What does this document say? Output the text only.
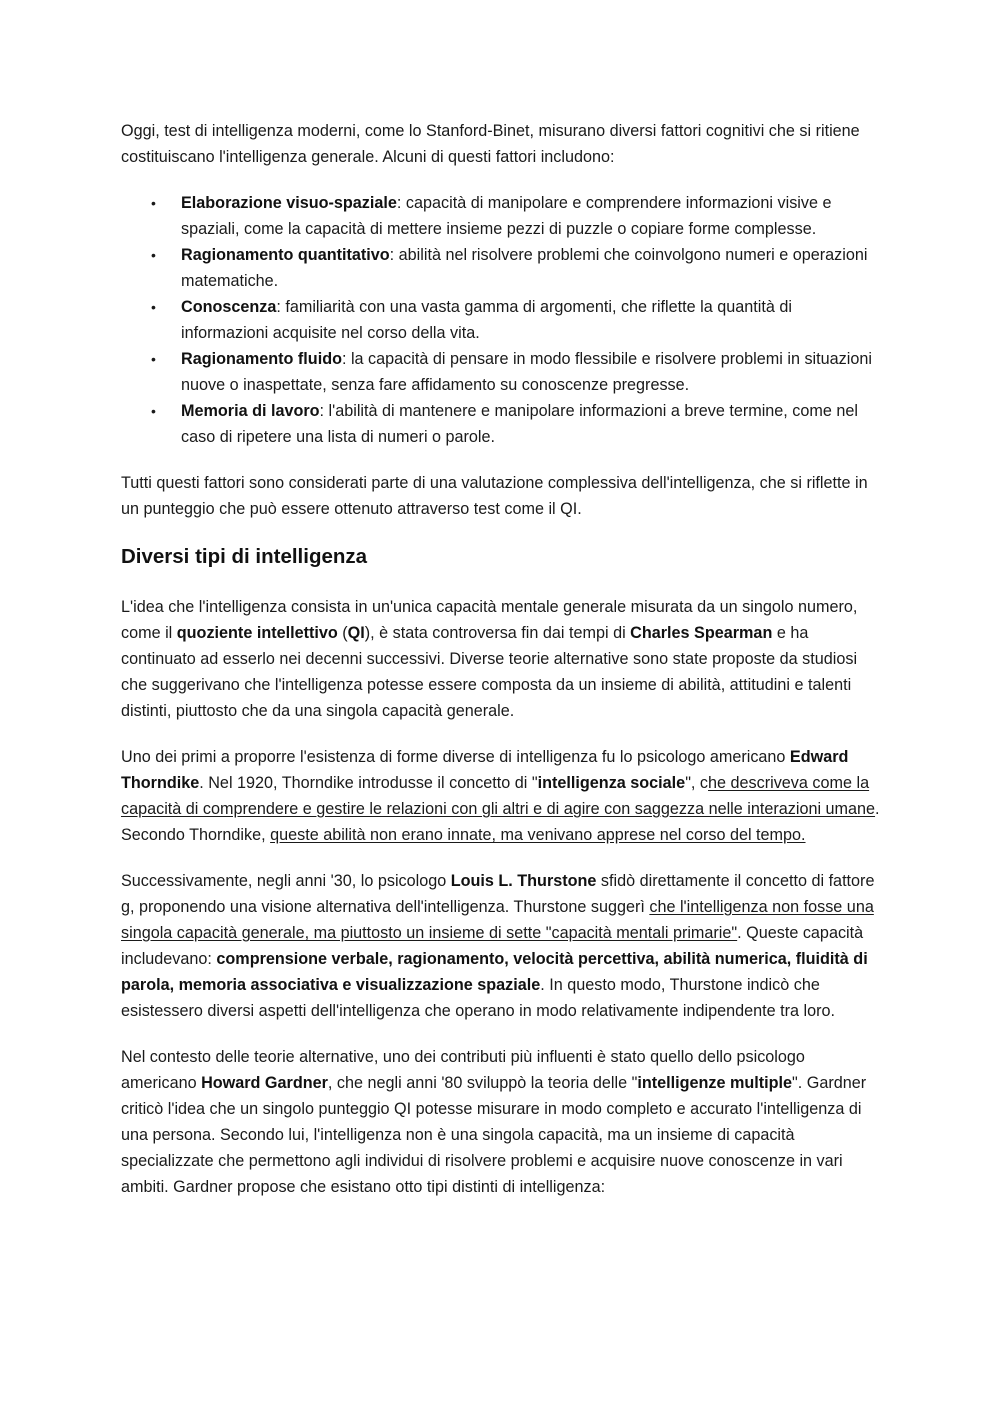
Oggi, test di intelligenza moderni, come lo Stanford-Binet, misurano diversi fattori cognitivi che si ritiene costituiscano l'intelligenza generale. Alcuni di questi fattori includono:

• Elaborazione visuo-spaziale: capacità di manipolare e comprendere informazioni visive e spaziali, come la capacità di mettere insieme pezzi di puzzle o copiare forme complesse.
• Ragionamento quantitativo: abilità nel risolvere problemi che coinvolgono numeri e operazioni matematiche.
• Conoscenza: familiarità con una vasta gamma di argomenti, che riflette la quantità di informazioni acquisite nel corso della vita.
• Ragionamento fluido: la capacità di pensare in modo flessibile e risolvere problemi in situazioni nuove o inaspettate, senza fare affidamento su conoscenze pregresse.
• Memoria di lavoro: l'abilità di mantenere e manipolare informazioni a breve termine, come nel caso di ripetere una lista di numeri o parole.

Tutti questi fattori sono considerati parte di una valutazione complessiva dell'intelligenza, che si riflette in un punteggio che può essere ottenuto attraverso test come il QI.

Diversi tipi di intelligenza

L'idea che l'intelligenza consista in un'unica capacità mentale generale misurata da un singolo numero, come il quoziente intellettivo (QI), è stata controversa fin dai tempi di Charles Spearman e ha continuato ad esserlo nei decenni successivi. Diverse teorie alternative sono state proposte da studiosi che suggerivano che l'intelligenza potesse essere composta da un insieme di abilità, attitudini e talenti distinti, piuttosto che da una singola capacità generale.

Uno dei primi a proporre l'esistenza di forme diverse di intelligenza fu lo psicologo americano Edward Thorndike. Nel 1920, Thorndike introdusse il concetto di "intelligenza sociale", che descriveva come la capacità di comprendere e gestire le relazioni con gli altri e di agire con saggezza nelle interazioni umane. Secondo Thorndike, queste abilità non erano innate, ma venivano apprese nel corso del tempo.

Successivamente, negli anni '30, lo psicologo Louis L. Thurstone sfidò direttamente il concetto di fattore g, proponendo una visione alternativa dell'intelligenza. Thurstone suggerì che l'intelligenza non fosse una singola capacità generale, ma piuttosto un insieme di sette "capacità mentali primarie". Queste capacità includevano: comprensione verbale, ragionamento, velocità percettiva, abilità numerica, fluidità di parola, memoria associativa e visualizzazione spaziale. In questo modo, Thurstone indicò che esistessero diversi aspetti dell'intelligenza che operano in modo relativamente indipendente tra loro.

Nel contesto delle teorie alternative, uno dei contributi più influenti è stato quello dello psicologo americano Howard Gardner, che negli anni '80 sviluppò la teoria delle "intelligenze multiple". Gardner criticò l'idea che un singolo punteggio QI potesse misurare in modo completo e accurato l'intelligenza di una persona. Secondo lui, l'intelligenza non è una singola capacità, ma un insieme di capacità specializzate che permettono agli individui di risolvere problemi e acquisire nuove conoscenze in vari ambiti. Gardner propose che esistano otto tipi distinti di intelligenza:
